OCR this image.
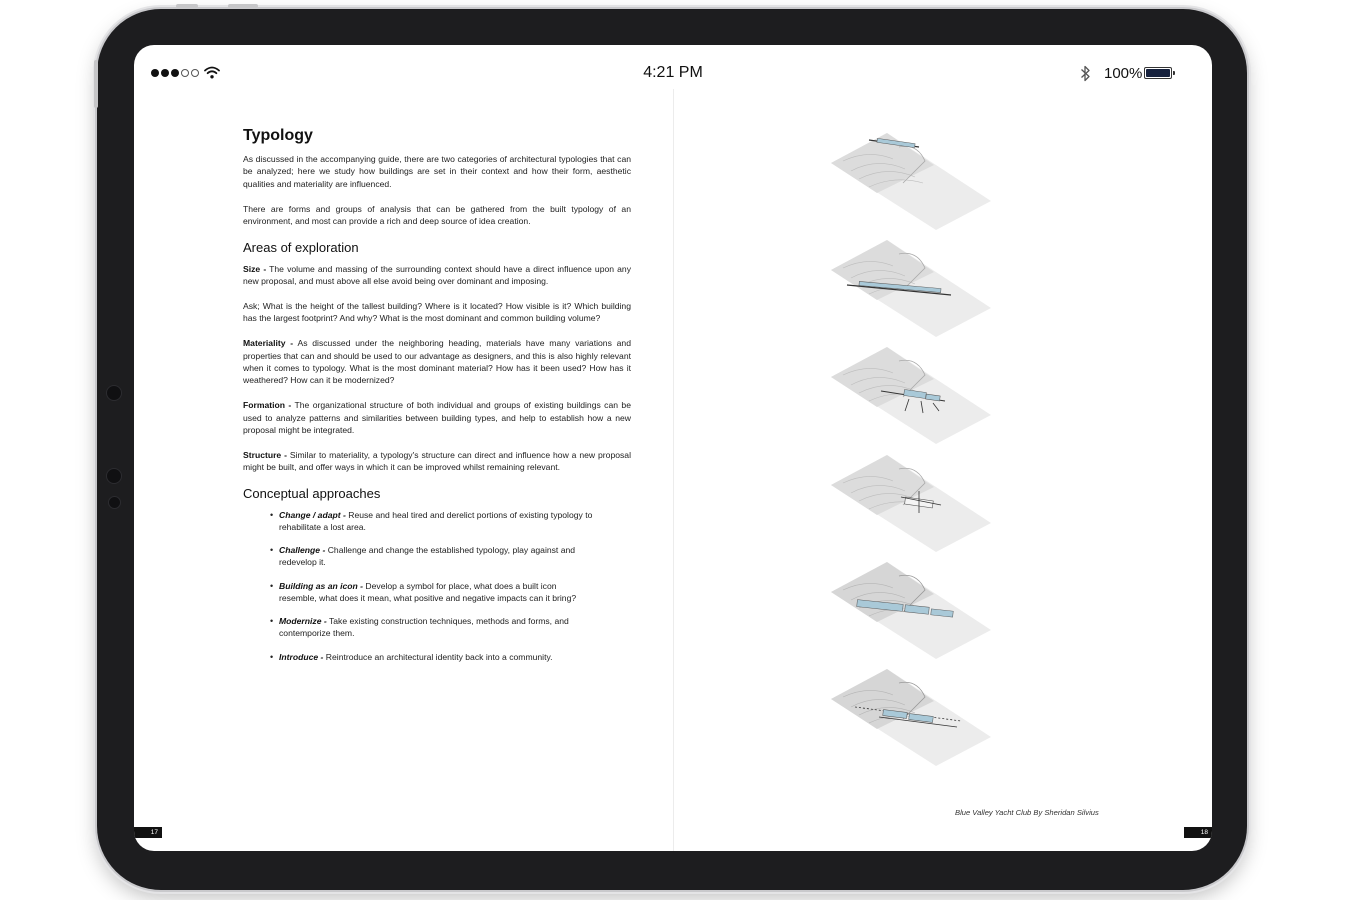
4:21 PM	100%
Typology

As discussed in the accompanying guide, there are two categories of architectural typologies that can be analyzed; here we study how buildings are set in their context and how their form, aesthetic qualities and materiality are influenced.

There are forms and groups of analysis that can be gathered from the built typology of an environment, and most can provide a rich and deep source of idea creation.

Areas of exploration

Size - The volume and massing of the surrounding context should have a direct influence upon any new proposal, and must above all else avoid being over dominant and imposing.

Ask; What is the height of the tallest building? Where is it located? How visible is it? Which building has the largest footprint? And why? What is the most dominant and common building volume?

Materiality - As discussed under the neighboring heading, materials have many variations and properties that can and should be used to our advantage as designers, and this is also highly relevant when it comes to typology. What is the most dominant material? How has it been used? How has it weathered? How can it be modernized?

Formation - The organizational structure of both individual and groups of existing buildings can be used to analyze patterns and similarities between building types, and help to establish how a new proposal might be integrated.

Structure - Similar to materiality, a typology's structure can direct and influence how a new proposal might be built, and offer ways in which it can be improved whilst remaining relevant.

Conceptual approaches
• Change / adapt - Reuse and heal tired and derelict portions of existing typology to rehabilitate a lost area.
• Challenge - Challenge and change the established typology, play against and redevelop it.
• Building as an icon - Develop a symbol for place, what does a built icon resemble, what does it mean, what positive and negative impacts can it bring?
• Modernize - Take existing construction techniques, methods and forms, and contemporize them.
• Introduce - Reintroduce an architectural identity back into a community.
17	18
Blue Valley Yacht Club By Sheridan Silvius
